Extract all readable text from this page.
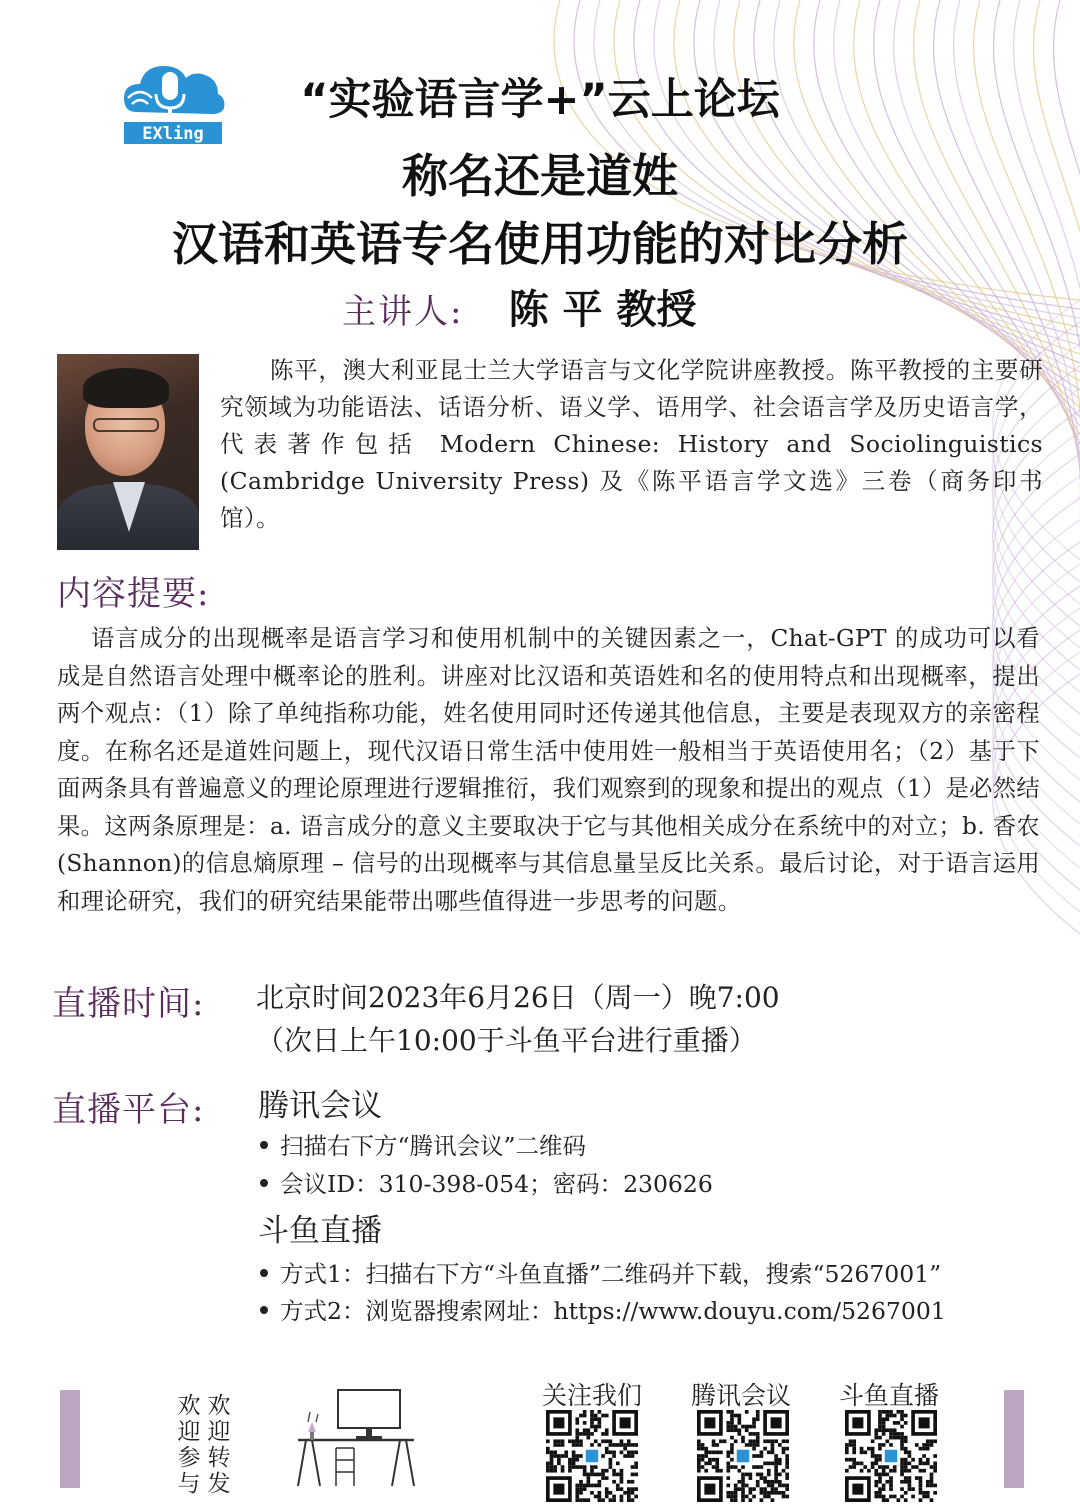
EXling
“实验语言学+”云上论坛
称名还是道姓
汉语和英语专名使用功能的对比分析
主讲人: 陈 平 教授
陈平，澳大利亚昆士兰大学语言与文化学院讲座教授。陈平教授的主要研究领域为功能语法、话语分析、语义学、语用学、社会语言学及历史语言学，代表著作包括 Modern Chinese: History and Sociolinguistics (Cambridge University Press) 及《陈平语言学文选》三卷（商务印书馆）。
内容提要:
语言成分的出现概率是语言学习和使用机制中的关键因素之一，Chat-GPT 的成功可以看成是自然语言处理中概率论的胜利。讲座对比汉语和英语姓和名的使用特点和出现概率，提出两个观点：（1）除了单纯指称功能，姓名使用同时还传递其他信息，主要是表现双方的亲密程度。在称名还是道姓问题上，现代汉语日常生活中使用姓一般相当于英语使用名；（2）基于下面两条具有普遍意义的理论原理进行逻辑推衍，我们观察到的现象和提出的观点（1）是必然结果。这两条原理是：a. 语言成分的意义主要取决于它与其他相关成分在系统中的对立；b. 香农(Shannon)的信息熵原理 – 信号的出现概率与其信息量呈反比关系。最后讨论，对于语言运用和理论研究，我们的研究结果能带出哪些值得进一步思考的问题。
直播时间: 北京时间2023年6月26日（周一）晚7:00
（次日上午10:00于斗鱼平台进行重播）
直播平台: 腾讯会议
扫描右下方“腾讯会议”二维码
会议ID：310-398-054；密码：230626
斗鱼直播
方式1：扫描右下方“斗鱼直播”二维码并下载，搜索“5267001”
方式2：浏览器搜索网址：https://www.douyu.com/5267001
欢迎转发
欢迎参与
关注我们	腾讯会议	斗鱼直播
